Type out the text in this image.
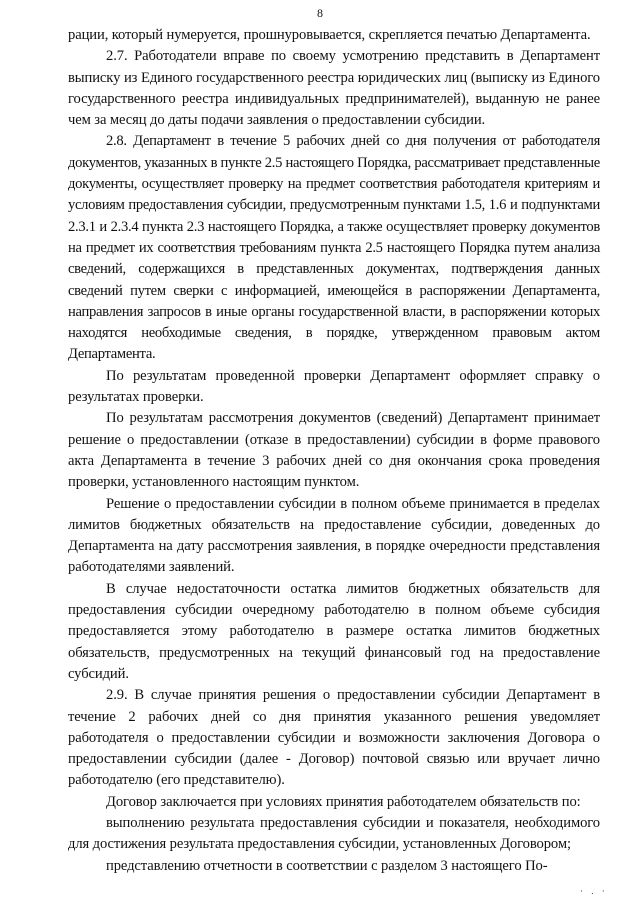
8

рации, который нумеруется, прошнуровывается, скрепляется печатью Департамента.

2.7. Работодатели вправе по своему усмотрению представить в Департамент выписку из Единого государственного реестра юридических лиц (выписку из Единого государственного реестра индивидуальных предпринимателей), выданную не ранее чем за месяц до даты подачи заявления о предоставлении субсидии.

2.8. Департамент в течение 5 рабочих дней со дня получения от работодателя документов, указанных в пункте 2.5 настоящего Порядка, рассматривает представленные документы, осуществляет проверку на предмет соответствия работодателя критериям и условиям предоставления субсидии, предусмотренным пунктами 1.5, 1.6 и подпунктами 2.3.1 и 2.3.4 пункта 2.3 настоящего Порядка, а также осуществляет проверку документов на предмет их соответствия требованиям пункта 2.5 настоящего Порядка путем анализа сведений, содержащихся в представленных документах, подтверждения данных сведений путем сверки с информацией, имеющейся в распоряжении Департамента, направления запросов в иные органы государственной власти, в распоряжении которых находятся необходимые сведения, в порядке, утвержденном правовым актом Департамента.

По результатам проведенной проверки Департамент оформляет справку о результатах проверки.

По результатам рассмотрения документов (сведений) Департамент принимает решение о предоставлении (отказе в предоставлении) субсидии в форме правового акта Департамента в течение 3 рабочих дней со дня окончания срока проведения проверки, установленного настоящим пунктом.

Решение о предоставлении субсидии в полном объеме принимается в пределах лимитов бюджетных обязательств на предоставление субсидии, доведенных до Департамента на дату рассмотрения заявления, в порядке очередности представления работодателями заявлений.

В случае недостаточности остатка лимитов бюджетных обязательств для предоставления субсидии очередному работодателю в полном объеме субсидия предоставляется этому работодателю в размере остатка лимитов бюджетных обязательств, предусмотренных на текущий финансовый год на предоставление субсидий.

2.9. В случае принятия решения о предоставлении субсидии Департамент в течение 2 рабочих дней со дня принятия указанного решения уведомляет работодателя о предоставлении субсидии и возможности заключения Договора о предоставлении субсидии (далее - Договор) почтовой связью или вручает лично работодателю (его представителю).

Договор заключается при условиях принятия работодателем обязательств по:

выполнению результата предоставления субсидии и показателя, необходимого для достижения результата предоставления субсидии, установленных Договором;

представлению отчетности в соответствии с разделом 3 настоящего По-

· . ·
